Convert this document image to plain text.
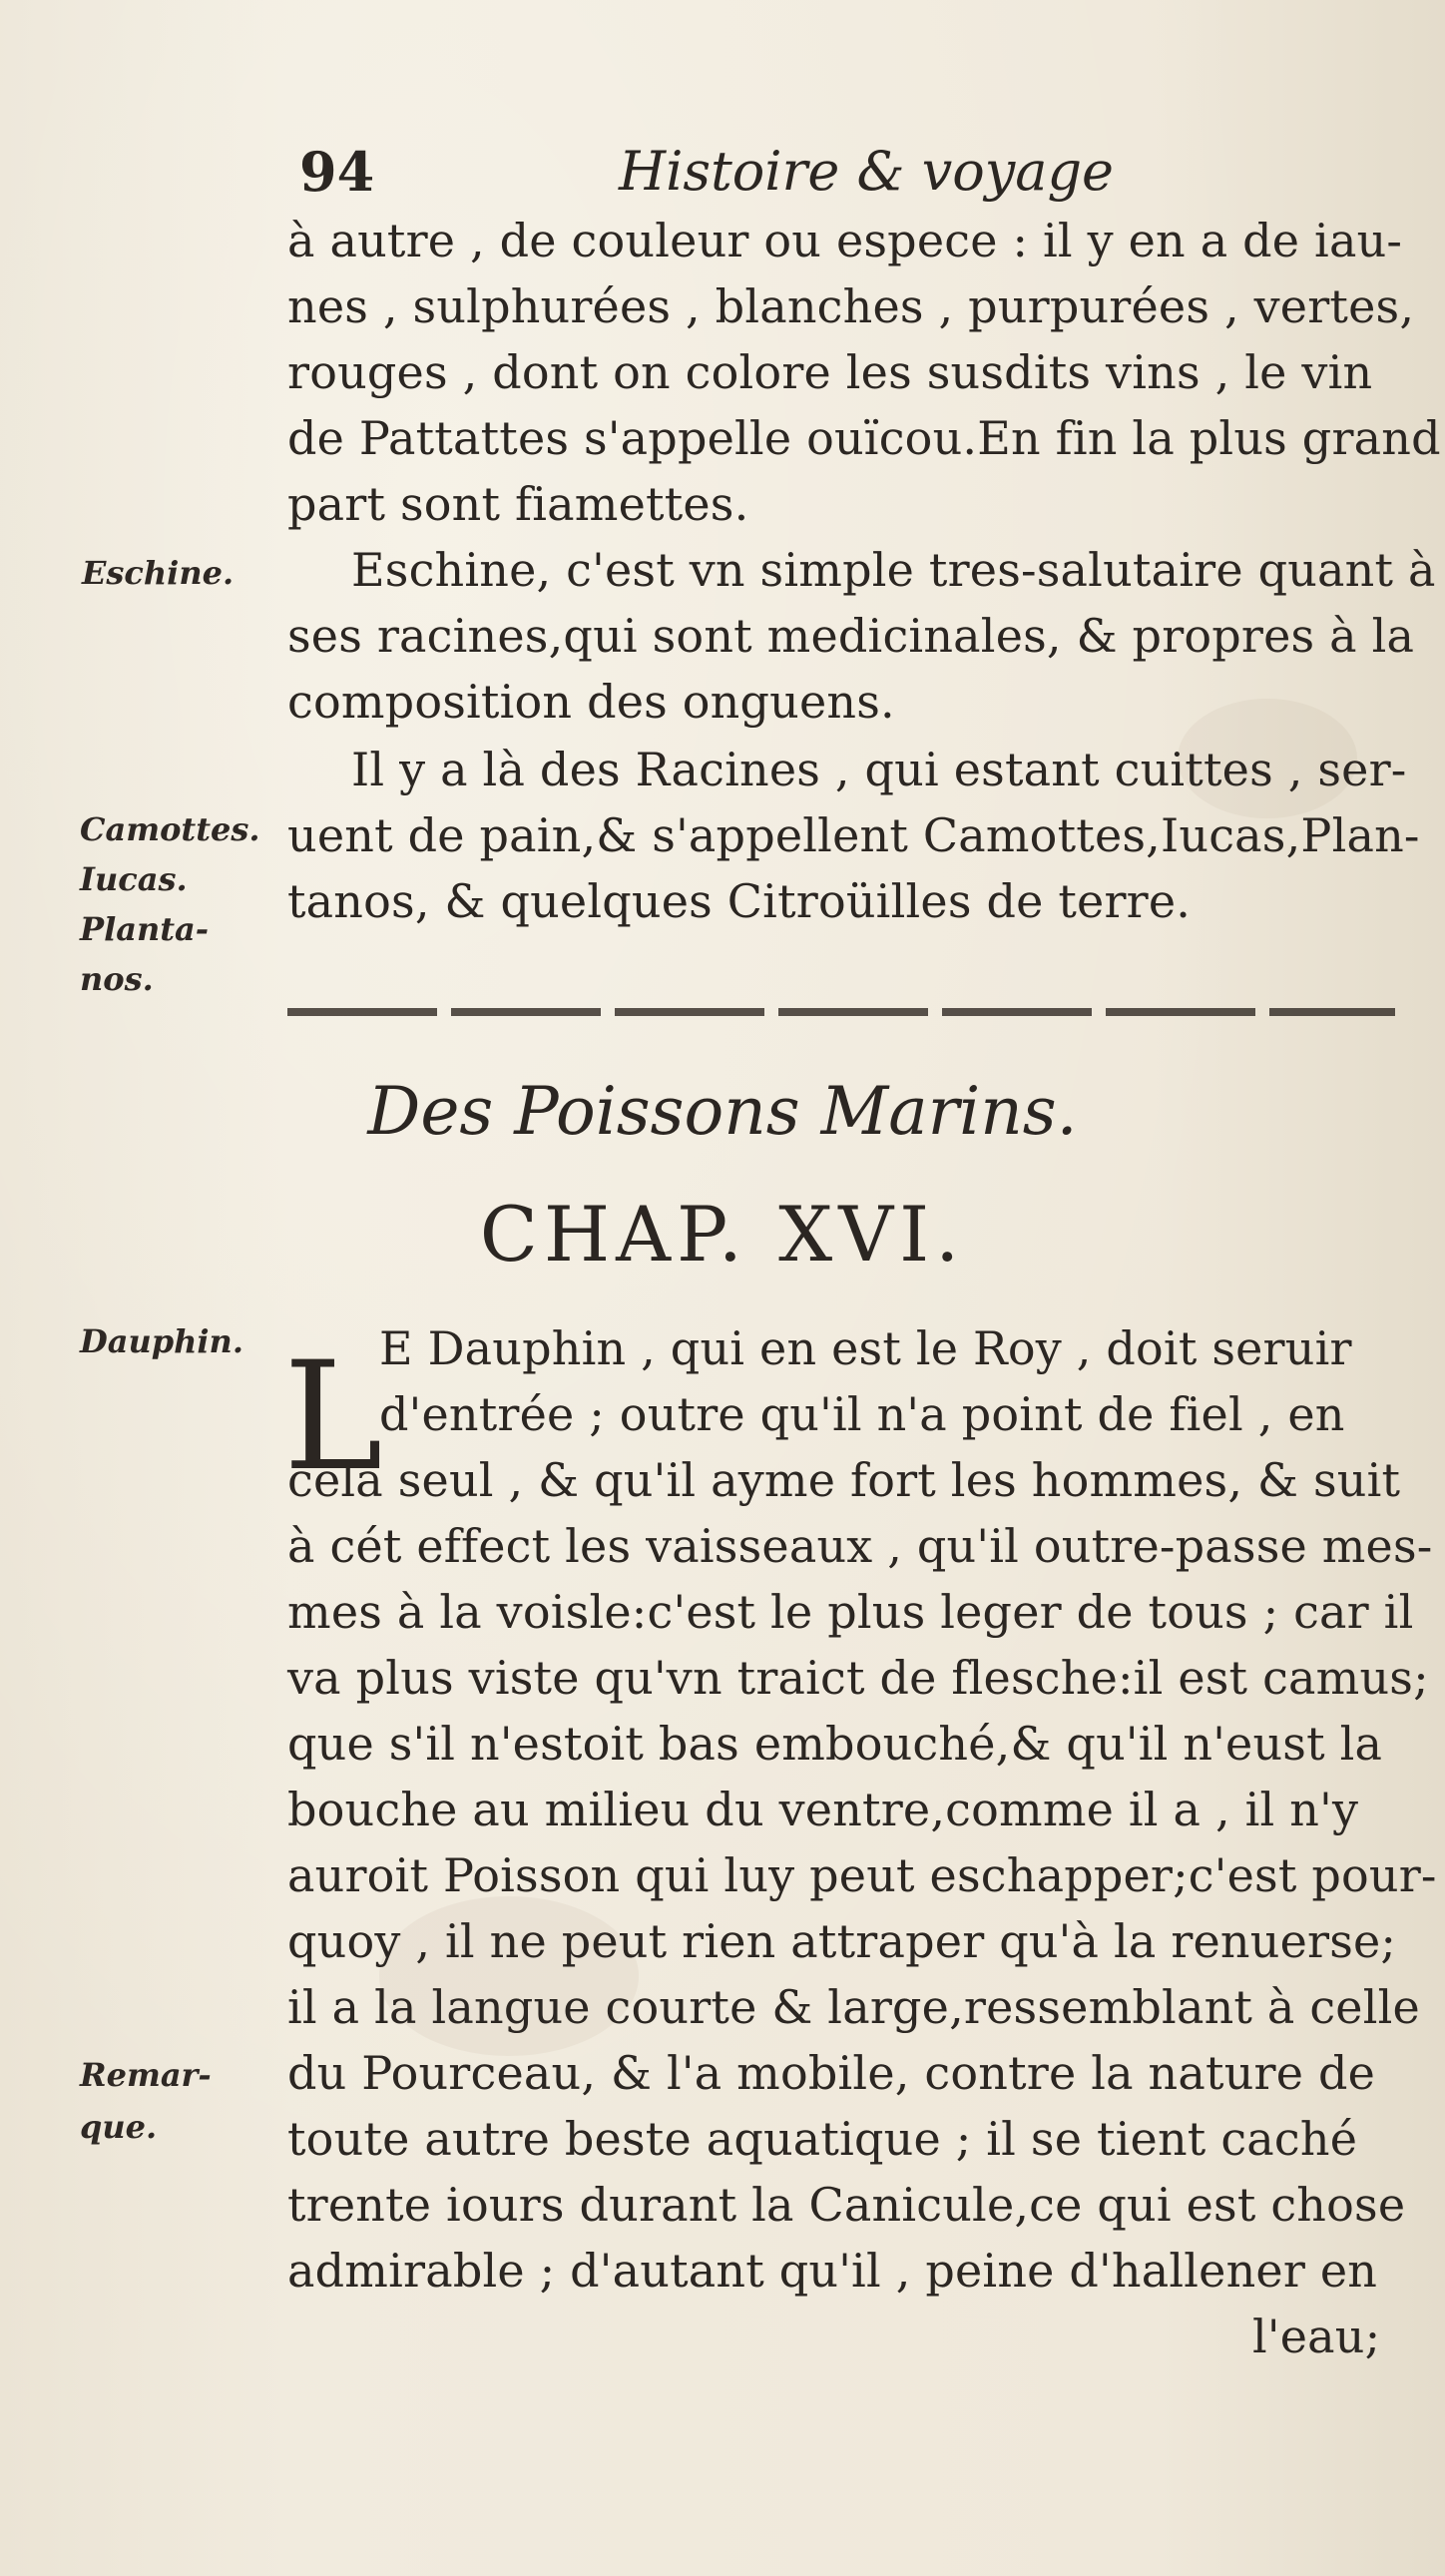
94	Histoire & voyage
à autre , de couleur ou espece : il y en a de iau-
nes , sulphurées , blanches , purpurées , vertes,
rouges , dont on colore les susdits vins , le vin
de Pattattes s'appelle ouïcou.En fin la plus grand
part sont fiamettes.
Eschine.	Eschine, c'est vn simple tres-salutaire quant à
ses racines,qui sont medicinales, & propres à la
composition des onguens.
Il y a là des Racines , qui estant cuittes , ser-
Camottes. uent de pain,& s'appellent Camottes,Iucas,Plan-
Iucas.
Planta-
nos.
tanos, & quelques Citroüilles de terre.
Des Poissons Marins.
CHAP. XVI.
Dauphin. L
E Dauphin , qui en est le Roy , doit seruir
d'entrée ; outre qu'il n'a point de fiel , en
cela seul , & qu'il ayme fort les hommes, & suit
à cét effect les vaisseaux , qu'il outre-passe mes-
mes à la voisle:c'est le plus leger de tous ; car il
va plus viste qu'vn traict de flesche:il est camus;
que s'il n'estoit bas embouché,& qu'il n'eust la
bouche au milieu du ventre,comme il a , il n'y
auroit Poisson qui luy peut eschapper;c'est pour-
quoy , il ne peut rien attraper qu'à la renuerse;
il a la langue courte & large,ressemblant à celle
Remar- du Pourceau, & l'a mobile, contre la nature de
que.	toute autre beste aquatique ; il se tient caché
trente iours durant la Canicule,ce qui est chose
admirable ; d'autant qu'il , peine d'hallener en
l'eau;
